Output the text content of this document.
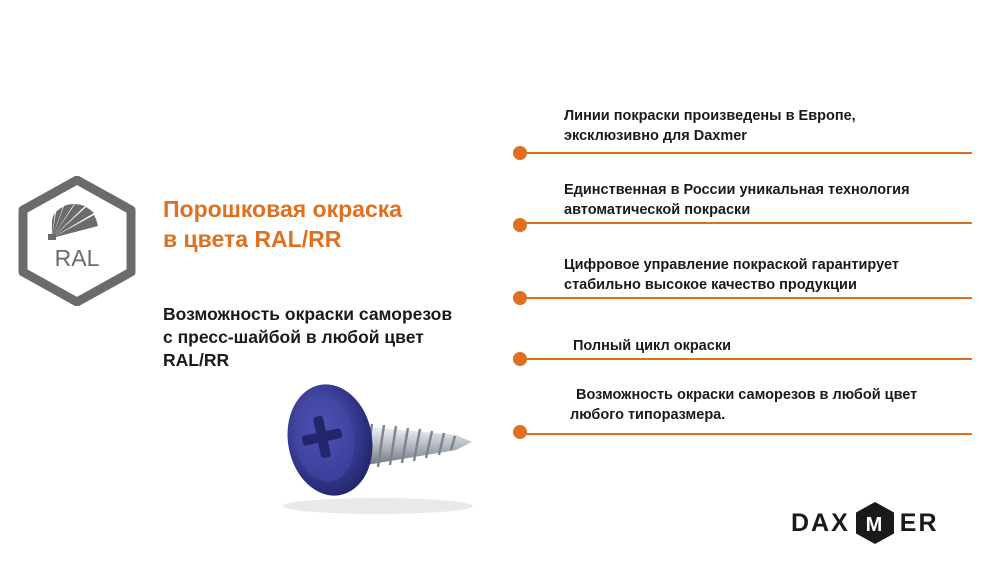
RAL
Порошковая окраска
в цвета RAL/RR

Возможность окраски саморезов
с пресс-шайбой в любой цвет
RAL/RR

Линии покраски произведены в Европе,
эксклюзивно для Daxmer
Единственная в России уникальная технология
автоматической покраски
Цифровое управление покраской гарантирует
стабильно высокое качество продукции
Полный цикл окраски
Возможность окраски саморезов в любой цвет
любого типоразмера.
DAX M ER
